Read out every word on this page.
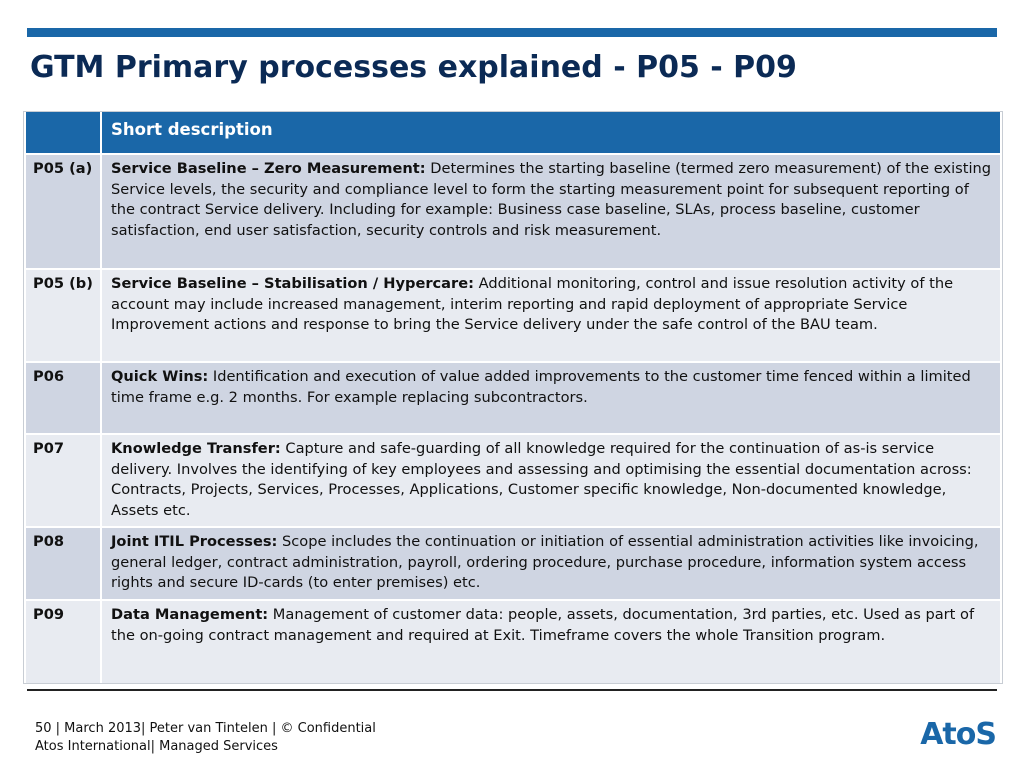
GTM Primary processes explained - P05 - P09
	Short description
P05 (a)	Service Baseline – Zero Measurement: Determines the starting baseline (termed zero measurement) of the existing Service levels, the security and compliance level to form the starting measurement point for subsequent reporting of the contract Service delivery. Including for example: Business case baseline, SLAs, process baseline, customer satisfaction, end user satisfaction, security controls and risk measurement.
P05 (b)	Service Baseline – Stabilisation / Hypercare: Additional monitoring, control and issue resolution activity of the account may include increased management, interim reporting and rapid deployment of appropriate Service Improvement actions and response to bring the Service delivery under the safe control of the BAU team.
P06	Quick Wins: Identification and execution of value added improvements to the customer time fenced within a limited time frame e.g. 2 months. For example replacing subcontractors.
P07	Knowledge Transfer: Capture and safe-guarding of all knowledge required for the continuation of as-is service delivery. Involves the identifying of key employees and assessing and optimising the essential documentation across: Contracts, Projects, Services, Processes, Applications, Customer specific knowledge, Non-documented knowledge, Assets etc.
P08	Joint ITIL Processes: Scope includes the continuation or initiation of essential administration activities like invoicing, general ledger, contract administration, payroll, ordering procedure, purchase procedure, information system access rights and secure ID-cards (to enter premises) etc.
P09	Data Management: Management of customer data: people, assets, documentation, 3rd parties, etc. Used as part of the on-going contract management and required at Exit. Timeframe covers the whole Transition program.
50 | March 2013| Peter van Tintelen | © Confidential
Atos International| Managed Services	AtoS
